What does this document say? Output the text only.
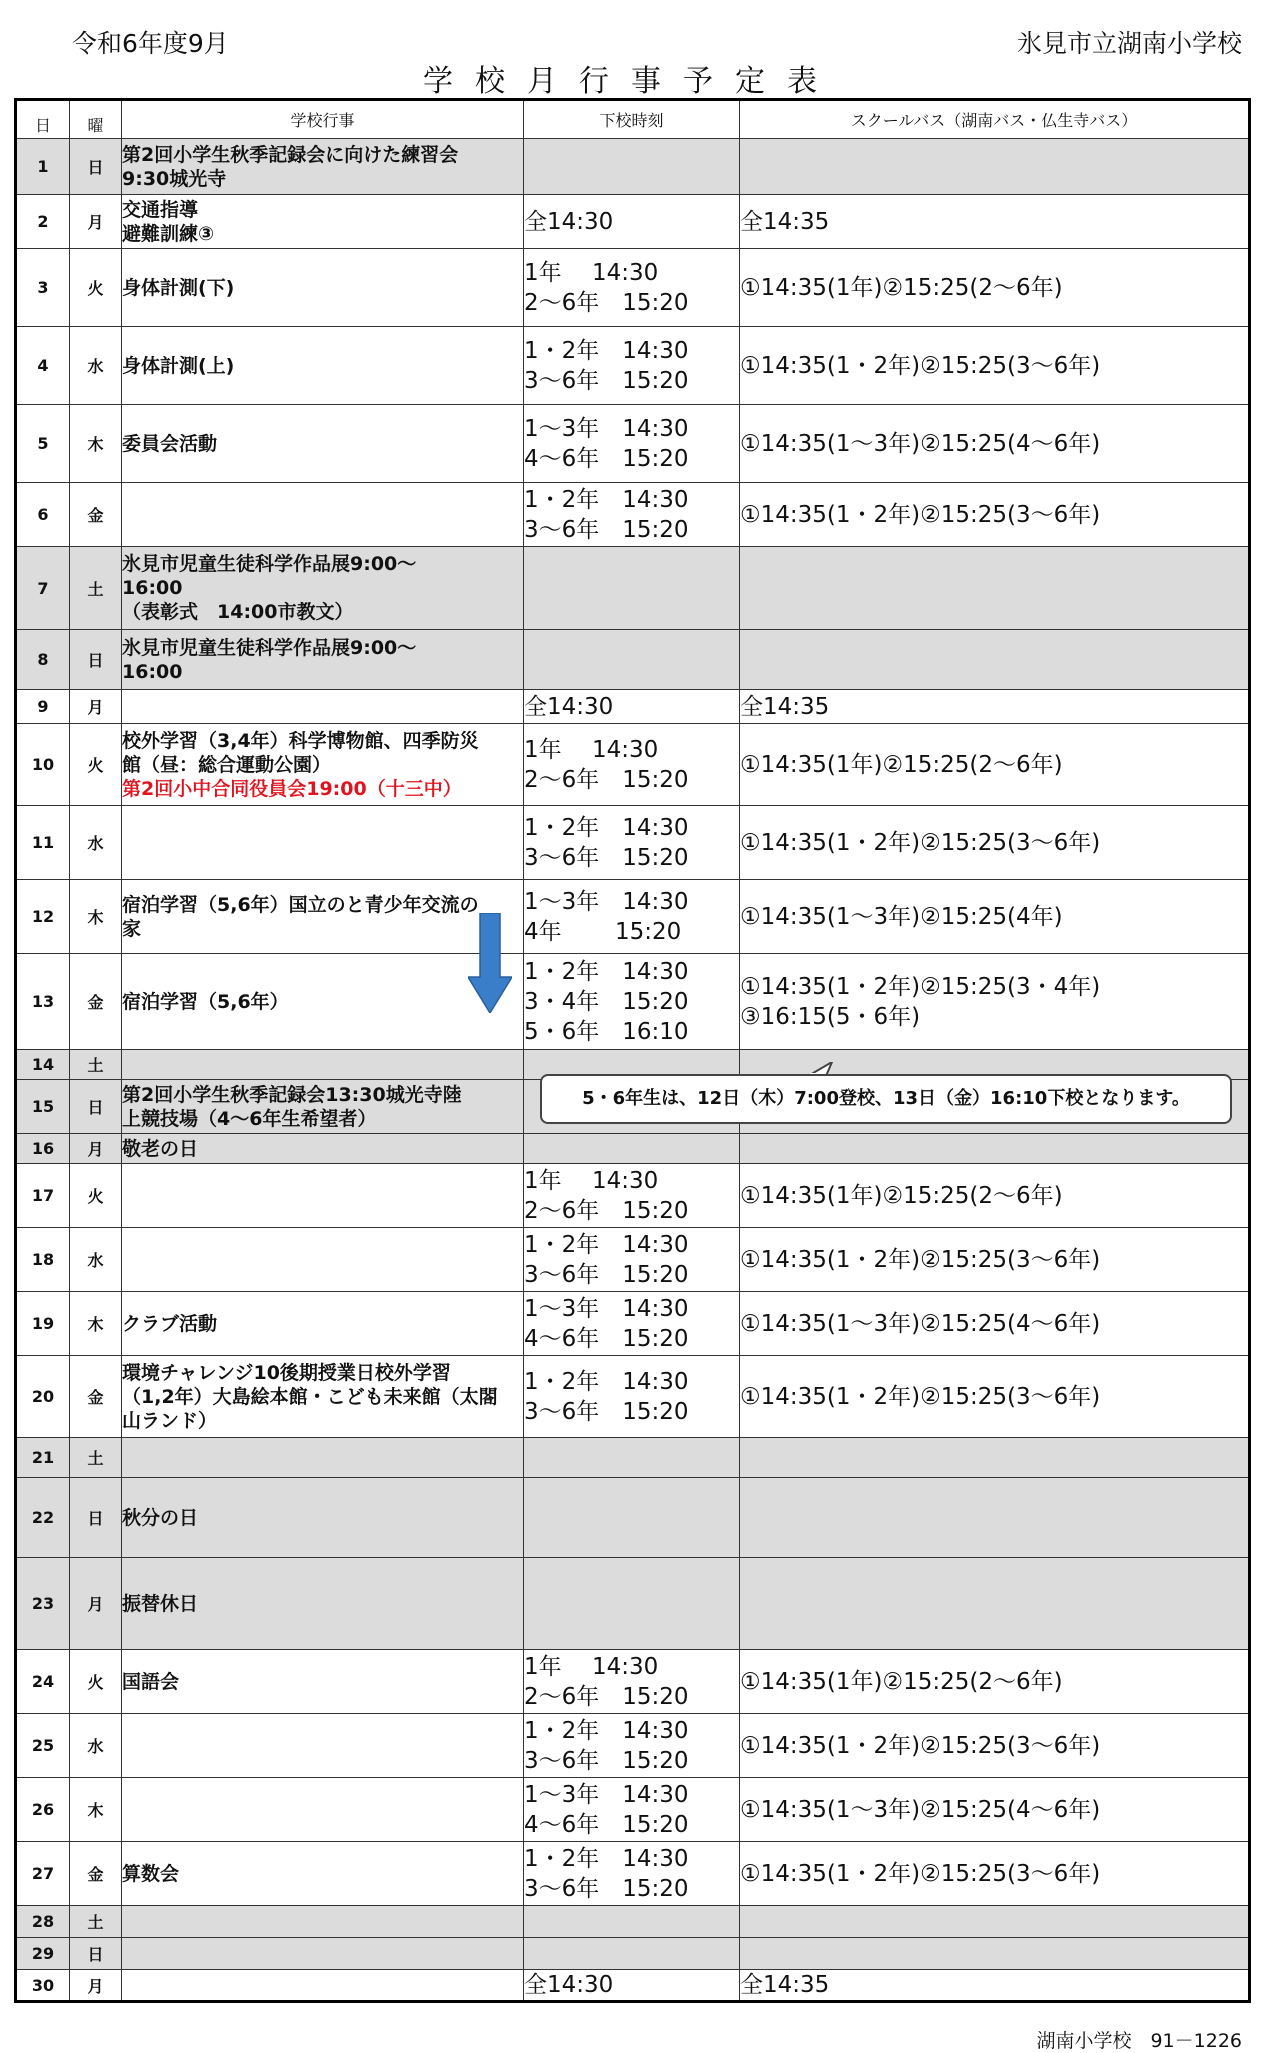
令和6年度9月	氷見市立湖南小学校
学校月行事予定表
日	曜	学校行事	下校時刻	スクールバス（湖南バス・仏生寺バス）
1	日	第2回小学生秋季記録会に向けた練習会
9:30城光寺		

2	月	交通指導
避難訓練③	全14:30	全14:35

3	火	身体計測(下)	1年　 14:30
2～6年　15:20	①14:35(1年)②15:25(2～6年)

4	水	身体計測(上)	1・2年　14:30
3～6年　15:20	①14:35(1・2年)②15:25(3～6年)

5	木	委員会活動	1～3年　14:30
4～6年　15:20	①14:35(1～3年)②15:25(4～6年)

6	金		1・2年　14:30
3～6年　15:20	①14:35(1・2年)②15:25(3～6年)

7	土	氷見市児童生徒科学作品展9:00～
16:00
（表彰式　14:00市教文）		

8	日	氷見市児童生徒科学作品展9:00～
16:00		

9	月		全14:30	全14:35

10	火	校外学習（3,4年）科学博物館、四季防災
館（昼：総合運動公園）
第2回小中合同役員会19:00（十三中）	1年　 14:30
2～6年　15:20	①14:35(1年)②15:25(2～6年)

11	水		1・2年　14:30
3～6年　15:20	①14:35(1・2年)②15:25(3～6年)

12	木	宿泊学習（5,6年）国立のと青少年交流の
家	1～3年　14:30
4年　　 15:20	①14:35(1～3年)②15:25(4年)

13	金	宿泊学習（5,6年）	1・2年　14:30
3・4年　15:20
5・6年　16:10	①14:35(1・2年)②15:25(3・4年)
③16:15(5・6年)

14	土			
15	日	第2回小学生秋季記録会13:30城光寺陸
上競技場（4～6年生希望者）		

16	月	敬老の日		

17	火		1年　 14:30
2～6年　15:20	①14:35(1年)②15:25(2～6年)

18	水		1・2年　14:30
3～6年　15:20	①14:35(1・2年)②15:25(3～6年)

19	木	クラブ活動	1～3年　14:30
4～6年　15:20	①14:35(1～3年)②15:25(4～6年)

20	金	環境チャレンジ10後期授業日校外学習
（1,2年）大島絵本館・こども未来館（太閤
山ランド）	1・2年　14:30
3～6年　15:20	①14:35(1・2年)②15:25(3～6年)

21	土			
22	日	秋分の日		

23	月	振替休日		

24	火	国語会	1年　 14:30
2～6年　15:20	①14:35(1年)②15:25(2～6年)

25	水		1・2年　14:30
3～6年　15:20	①14:35(1・2年)②15:25(3～6年)

26	木		1～3年　14:30
4～6年　15:20	①14:35(1～3年)②15:25(4～6年)

27	金	算数会	1・2年　14:30
3～6年　15:20	①14:35(1・2年)②15:25(3～6年)

28	土			
29	日			
30	月		全14:30	全14:35
5・6年生は、12日（木）7:00登校、13日（金）16:10下校となります。
湖南小学校　91－1226
